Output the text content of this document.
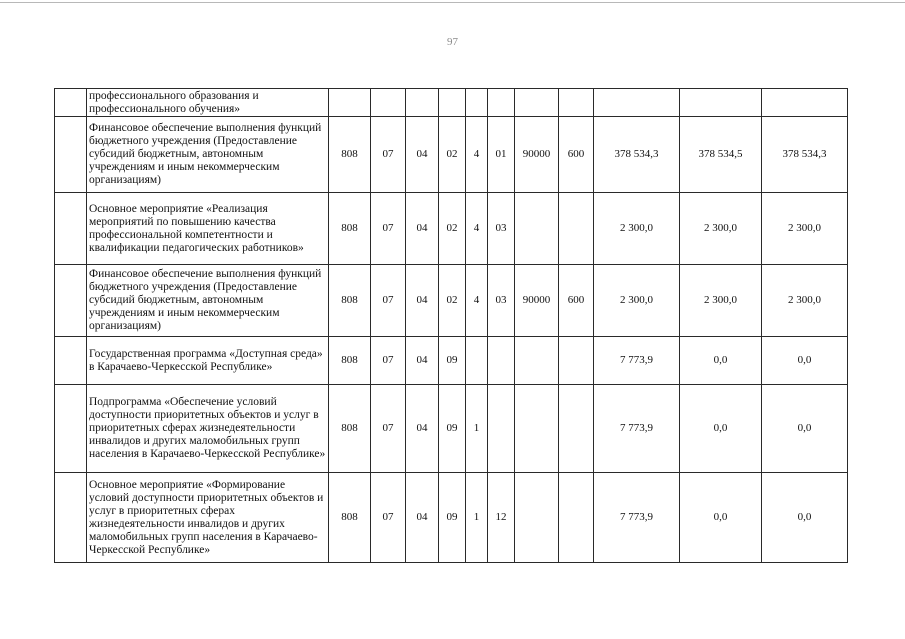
97
	профессионального образования и профессионального обучения»											
	Финансовое обеспечение выполнения функций бюджетного учреждения (Предоставление субсидий бюджетным, автономным учреждениям и иным некоммерческим организациям)	808	07	04	02	4	01	90000	600	378 534,3	378 534,5	378 534,3
	Основное мероприятие «Реализация мероприятий по повышению качества профессиональной компетентности и квалификации педагогических работников»	808	07	04	02	4	03			2 300,0	2 300,0	2 300,0
	Финансовое обеспечение выполнения функций бюджетного учреждения (Предоставление субсидий бюджетным, автономным учреждениям и иным некоммерческим организациям)	808	07	04	02	4	03	90000	600	2 300,0	2 300,0	2 300,0
	Государственная программа «Доступная среда» в Карачаево-Черкесской Республике»	808	07	04	09					7 773,9	0,0	0,0
	Подпрограмма «Обеспечение условий доступности приоритетных объектов и услуг в приоритетных сферах жизнедеятельности инвалидов и других маломобильных групп населения в Карачаево-Черкесской Республике»	808	07	04	09	1				7 773,9	0,0	0,0
	Основное мероприятие «Формирование условий доступности приоритетных объектов и услуг в приоритетных сферах жизнедеятельности инвалидов и других маломобильных групп населения в Карачаево-Черкесской Республике»	808	07	04	09	1	12			7 773,9	0,0	0,0
